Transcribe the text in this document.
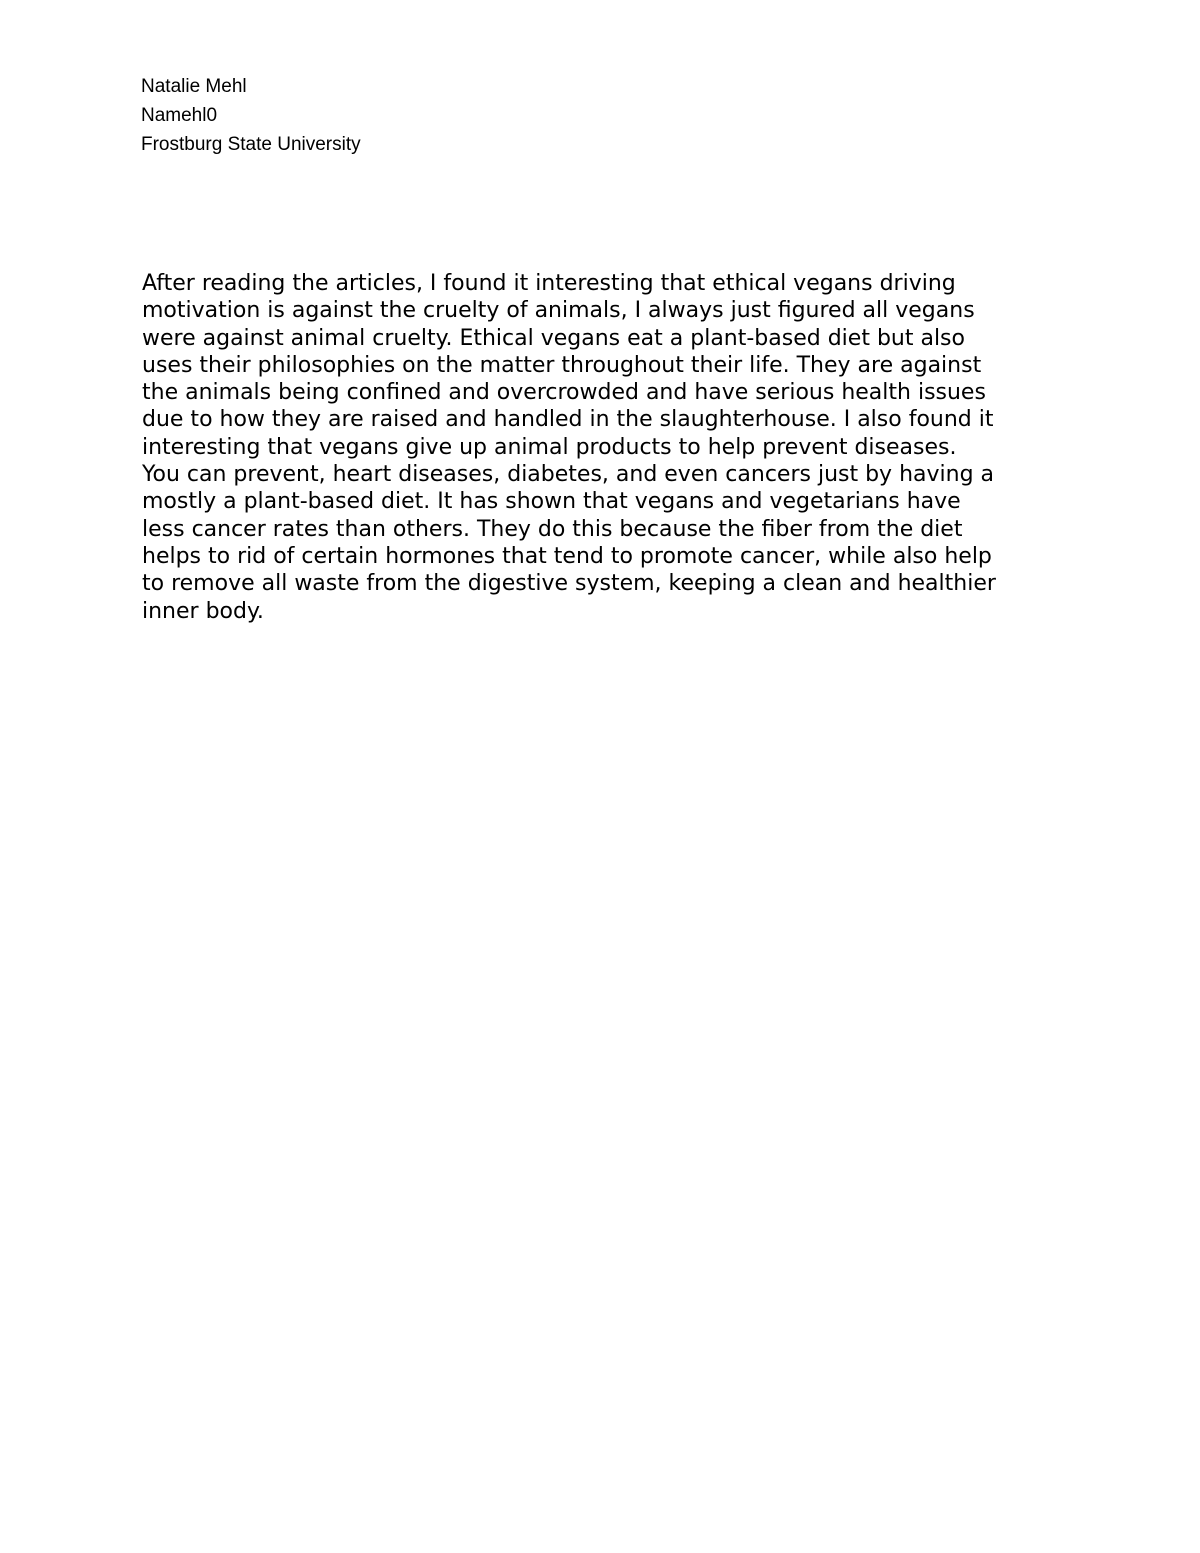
Natalie Mehl
Namehl0
Frostburg State University
After reading the articles, I found it interesting that ethical vegans driving
motivation is against the cruelty of animals, I always just figured all vegans
were against animal cruelty. Ethical vegans eat a plant-based diet but also
uses their philosophies on the matter throughout their life. They are against
the animals being confined and overcrowded and have serious health issues
due to how they are raised and handled in the slaughterhouse. I also found it
interesting that vegans give up animal products to help prevent diseases.
You can prevent, heart diseases, diabetes, and even cancers just by having a
mostly a plant-based diet. It has shown that vegans and vegetarians have
less cancer rates than others. They do this because the fiber from the diet
helps to rid of certain hormones that tend to promote cancer, while also help
to remove all waste from the digestive system, keeping a clean and healthier
inner body.
